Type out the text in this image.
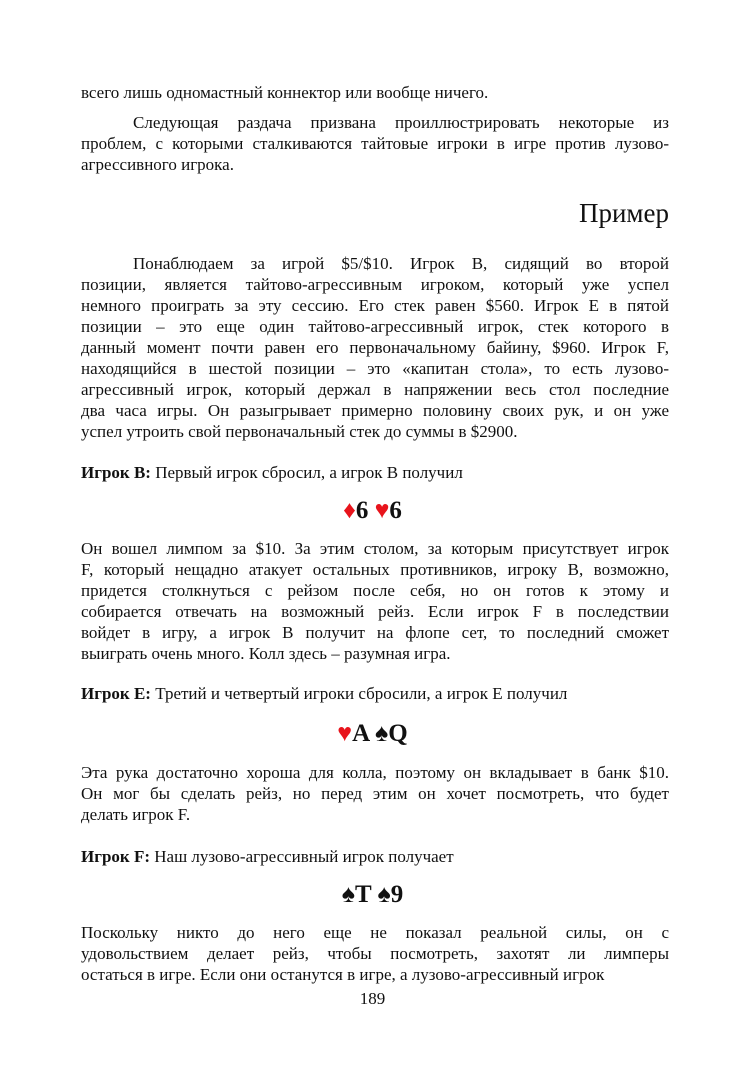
всего лишь одномастный коннектор или вообще ничего.
Следующая раздача призвана проиллюстрировать некоторые из
проблем, с которыми сталкиваются тайтовые игроки в игре против лузово-
агрессивного игрока.
Пример
Понаблюдаем за игрой $5/$10. Игрок B, сидящий во второй
позиции, является тайтово-агрессивным игроком, который уже успел
немного проиграть за эту сессию. Его стек равен $560. Игрок E в пятой
позиции – это еще один тайтово-агрессивный игрок, стек которого в
данный момент почти равен его первоначальному байину, $960. Игрок F,
находящийся в шестой позиции – это «капитан стола», то есть лузово-
агрессивный игрок, который держал в напряжении весь стол последние
два часа игры. Он разыгрывает примерно половину своих рук, и он уже
успел утроить свой первоначальный стек до суммы в $2900.
Игрок B: Первый игрок сбросил, а игрок B получил
♦6 ♥6
Он вошел лимпом за $10. За этим столом, за которым присутствует игрок
F, который нещадно атакует остальных противников, игроку B, возможно,
придется столкнуться с рейзом после себя, но он готов к этому и
собирается отвечать на возможный рейз. Если игрок F в последствии
войдет в игру, а игрок B получит на флопе сет, то последний сможет
выиграть очень много. Колл здесь – разумная игра.
Игрок E: Третий и четвертый игроки сбросили, а игрок E получил
♥A ♠Q
Эта рука достаточно хороша для колла, поэтому он вкладывает в банк $10.
Он мог бы сделать рейз, но перед этим он хочет посмотреть, что будет
делать игрок F.
Игрок F: Наш лузово-агрессивный игрок получает
♠T ♠9
Поскольку никто до него еще не показал реальной силы, он с
удовольствием делает рейз, чтобы посмотреть, захотят ли лимперы
остаться в игре. Если они останутся в игре, а лузово-агрессивный игрок
189
